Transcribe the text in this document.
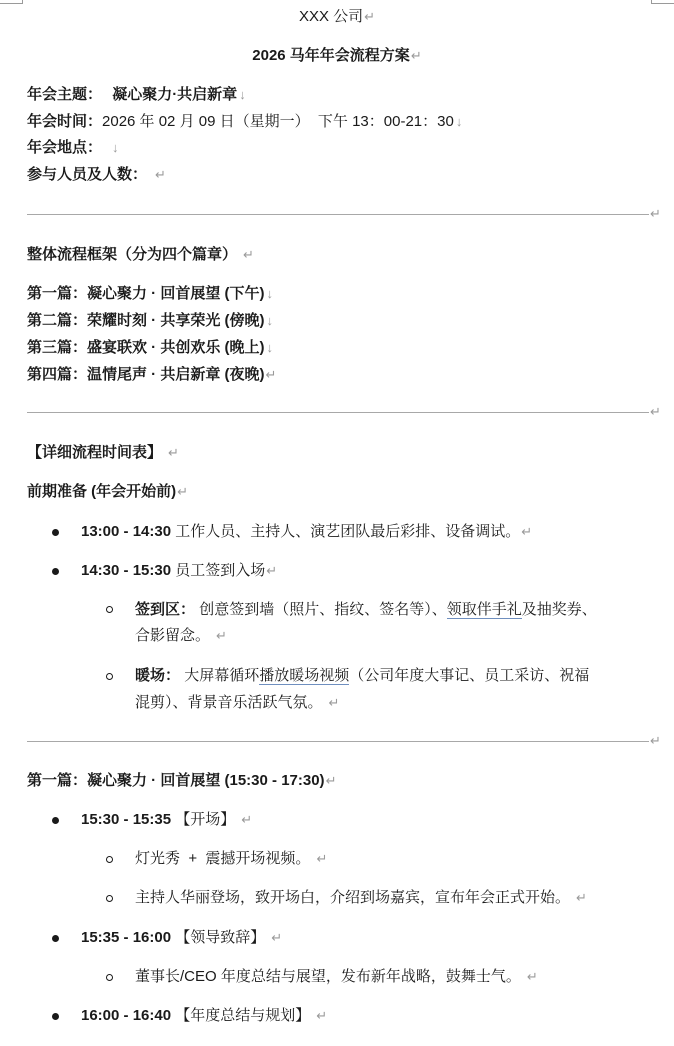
XXX 公司↵
2026 马年年会流程方案↵
年会主题： 凝心聚力·共启新章 ↓
年会时间：2026 年 02 月 09 日（星期一）  下午 13：00-21：30 ↓
年会地点： ↓
参与人员及人数： ↵
↵
整体流程框架（分为四个篇章） ↵
第一篇：凝心聚力 · 回首展望 (下午) ↓
第二篇：荣耀时刻 · 共享荣光 (傍晚) ↓
第三篇：盛宴联欢 · 共创欢乐 (晚上) ↓
第四篇：温情尾声 · 共启新章 (夜晚)↵
↵
【详细流程时间表】 ↵
前期准备 (年会开始前)↵
13:00 - 14:30 工作人员、主持人、演艺团队最后彩排、设备调试。↵
14:30 - 15:30 员工签到入场↵
签到区： 创意签到墙（照片、指纹、签名等）、领取伴手礼及抽奖券、
合影留念。 ↵
暖场： 大屏幕循环播放暖场视频（公司年度大事记、员工采访、祝福
混剪）、背景音乐活跃气氛。 ↵
↵
第一篇：凝心聚力 · 回首展望 (15:30 - 17:30)↵
15:30 - 15:35 【开场】 ↵
灯光秀  +  震撼开场视频。 ↵
主持人华丽登场，致开场白，介绍到场嘉宾，宣布年会正式开始。 ↵
15:35 - 16:00 【领导致辞】 ↵
董事长/CEO 年度总结与展望，发布新年战略，鼓舞士气。 ↵
16:00 - 16:40 【年度总结与规划】 ↵
